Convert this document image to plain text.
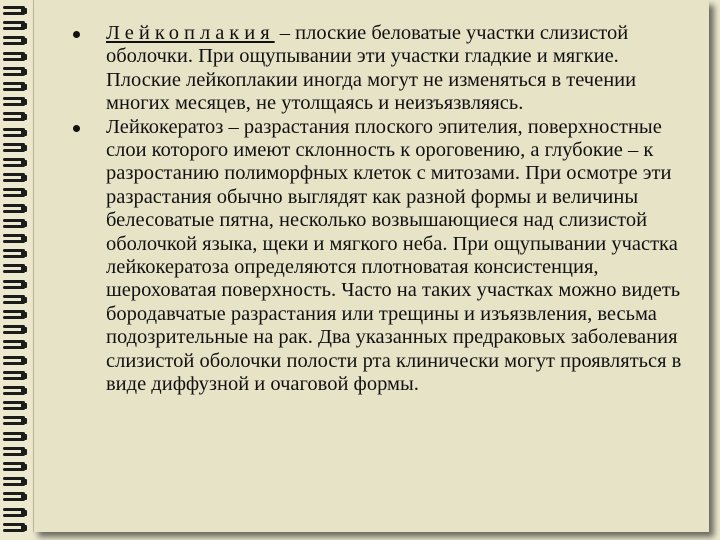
Лейкоплакия – плоские беловатые участки слизистой оболочки. При ощупывании эти участки гладкие и мягкие. Плоские лейкоплакии иногда могут не изменяться в течении многих месяцев, не утолщаясь и неизъязвляясь.
Лейкокератоз – разрастания плоского эпителия, поверхностные слои которого имеют склонность к ороговению, а глубокие – к разростанию полиморфных клеток с митозами. При осмотре эти разрастания обычно выглядят как разной формы и величины белесоватые пятна, несколько возвышающиеся над слизистой оболочкой языка, щеки и мягкого неба. При ощупывании участка лейкокератоза определяются плотноватая консистенция, шероховатая поверхность. Часто на таких участках можно видеть бородавчатые разрастания или трещины и изъязвления, весьма подозрительные на рак. Два указанных предраковых заболевания слизистой оболочки полости рта клинически могут проявляться в виде диффузной и очаговой формы.
